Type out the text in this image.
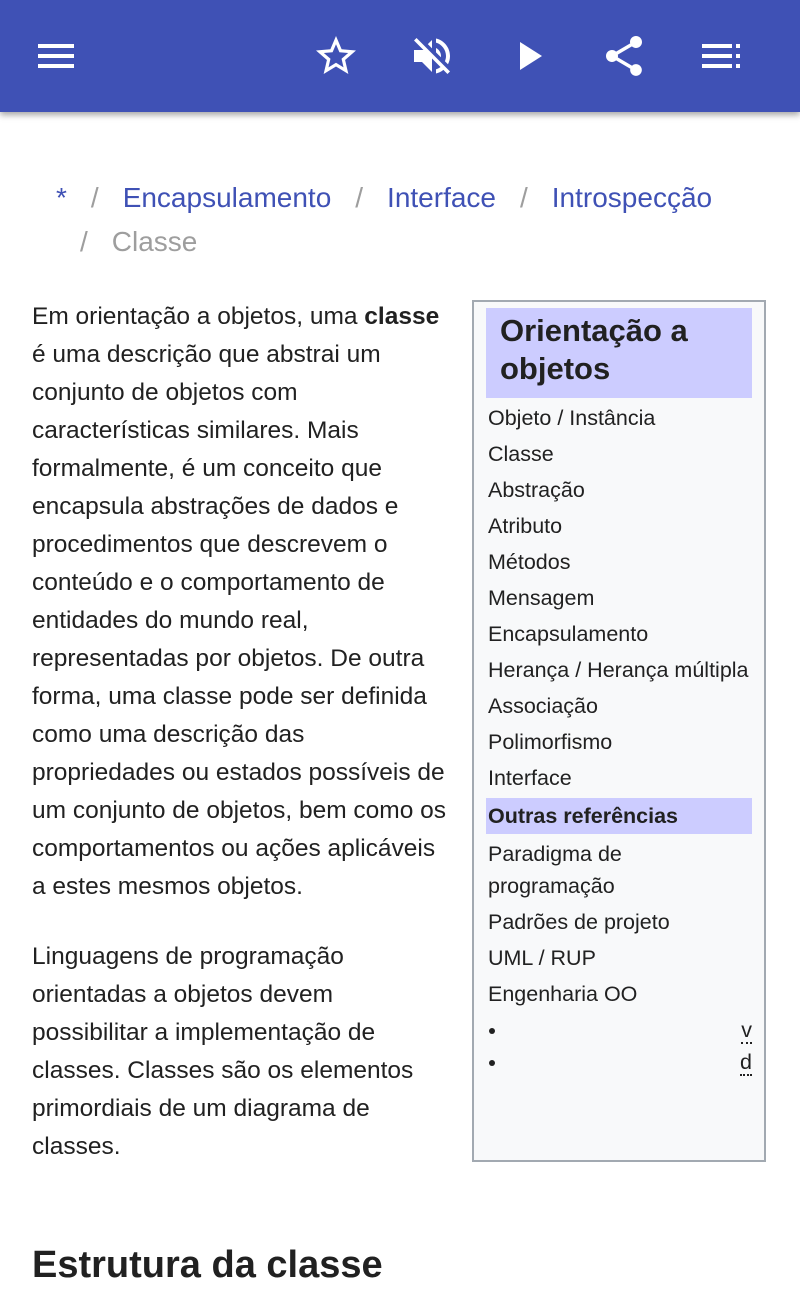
* / Encapsulamento / Interface / Introspecção
/ Classe

Em orientação a objetos, uma classe é uma descrição que abstrai um conjunto de objetos com características similares. Mais formalmente, é um conceito que encapsula abstrações de dados e procedimentos que descrevem o conteúdo e o comportamento de entidades do mundo real, representadas por objetos. De outra forma, uma classe pode ser definida como uma descrição das propriedades ou estados possíveis de um conjunto de objetos, bem como os comportamentos ou ações aplicáveis a estes mesmos objetos.

Linguagens de programação orientadas a objetos devem possibilitar a implementação de classes. Classes são os elementos primordiais de um diagrama de classes.

Estrutura da classe
Orientação a objetos
Objeto / Instância
Classe
Abstração
Atributo
Métodos
Mensagem
Encapsulamento
Herança / Herança múltipla
Associação
Polimorfismo
Interface
Outras referências
Paradigma de programação
Padrões de projeto
UML / RUP
Engenharia OO
• v
• d
